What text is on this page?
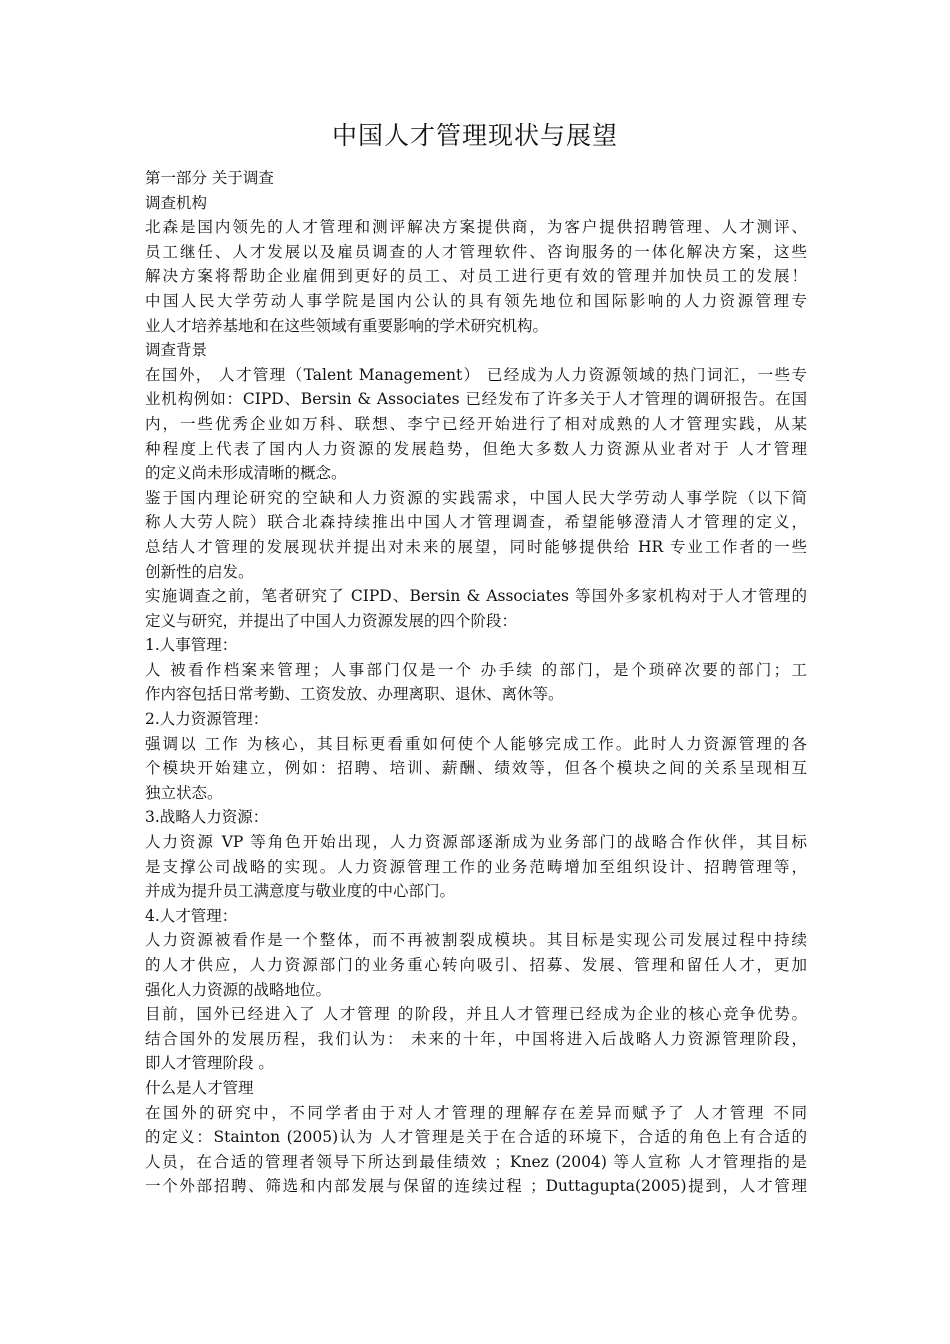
中国人才管理现状与展望
第一部分 关于调查
调查机构
北森是国内领先的人才管理和测评解决方案提供商，为客户提供招聘管理、人才测评、
员工继任、人才发展以及雇员调查的人才管理软件、咨询服务的一体化解决方案，这些
解决方案将帮助企业雇佣到更好的员工、对员工进行更有效的管理并加快员工的发展！
中国人民大学劳动人事学院是国内公认的具有领先地位和国际影响的人力资源管理专
业人才培养基地和在这些领域有重要影响的学术研究机构。
调查背景
在国外， 人才管理（Talent Management） 已经成为人力资源领域的热门词汇，一些专
业机构例如：CIPD、Bersin & Associates 已经发布了许多关于人才管理的调研报告。在国
内，一些优秀企业如万科、联想、李宁已经开始进行了相对成熟的人才管理实践，从某
种程度上代表了国内人力资源的发展趋势，但绝大多数人力资源从业者对于 人才管理
的定义尚未形成清晰的概念。
鉴于国内理论研究的空缺和人力资源的实践需求，中国人民大学劳动人事学院（以下简
称人大劳人院）联合北森持续推出中国人才管理调查，希望能够澄清人才管理的定义，
总结人才管理的发展现状并提出对未来的展望，同时能够提供给 HR 专业工作者的一些
创新性的启发。
实施调查之前，笔者研究了 CIPD、Bersin & Associates 等国外多家机构对于人才管理的
定义与研究，并提出了中国人力资源发展的四个阶段：
1.人事管理：
人 被看作档案来管理；人事部门仅是一个 办手续 的部门，是个琐碎次要的部门；工
作内容包括日常考勤、工资发放、办理离职、退休、离休等。
2.人力资源管理：
强调以 工作 为核心，其目标更看重如何使个人能够完成工作。此时人力资源管理的各
个模块开始建立，例如：招聘、培训、薪酬、绩效等，但各个模块之间的关系呈现相互
独立状态。
3.战略人力资源：
人力资源 VP 等角色开始出现，人力资源部逐渐成为业务部门的战略合作伙伴，其目标
是支撑公司战略的实现。人力资源管理工作的业务范畴增加至组织设计、招聘管理等，
并成为提升员工满意度与敬业度的中心部门。
4.人才管理：
人力资源被看作是一个整体，而不再被割裂成模块。其目标是实现公司发展过程中持续
的人才供应，人力资源部门的业务重心转向吸引、招募、发展、管理和留任人才，更加
强化人力资源的战略地位。
目前，国外已经进入了 人才管理 的阶段，并且人才管理已经成为企业的核心竞争优势。
结合国外的发展历程，我们认为： 未来的十年，中国将进入后战略人力资源管理阶段，
即人才管理阶段 。
什么是人才管理
在国外的研究中，不同学者由于对人才管理的理解存在差异而赋予了 人才管理 不同
的定义：Stainton (2005)认为 人才管理是关于在合适的环境下，合适的角色上有合适的
人员，在合适的管理者领导下所达到最佳绩效 ；Knez (2004) 等人宣称 人才管理指的是
一个外部招聘、筛选和内部发展与保留的连续过程 ；Duttagupta(2005)提到，人才管理
